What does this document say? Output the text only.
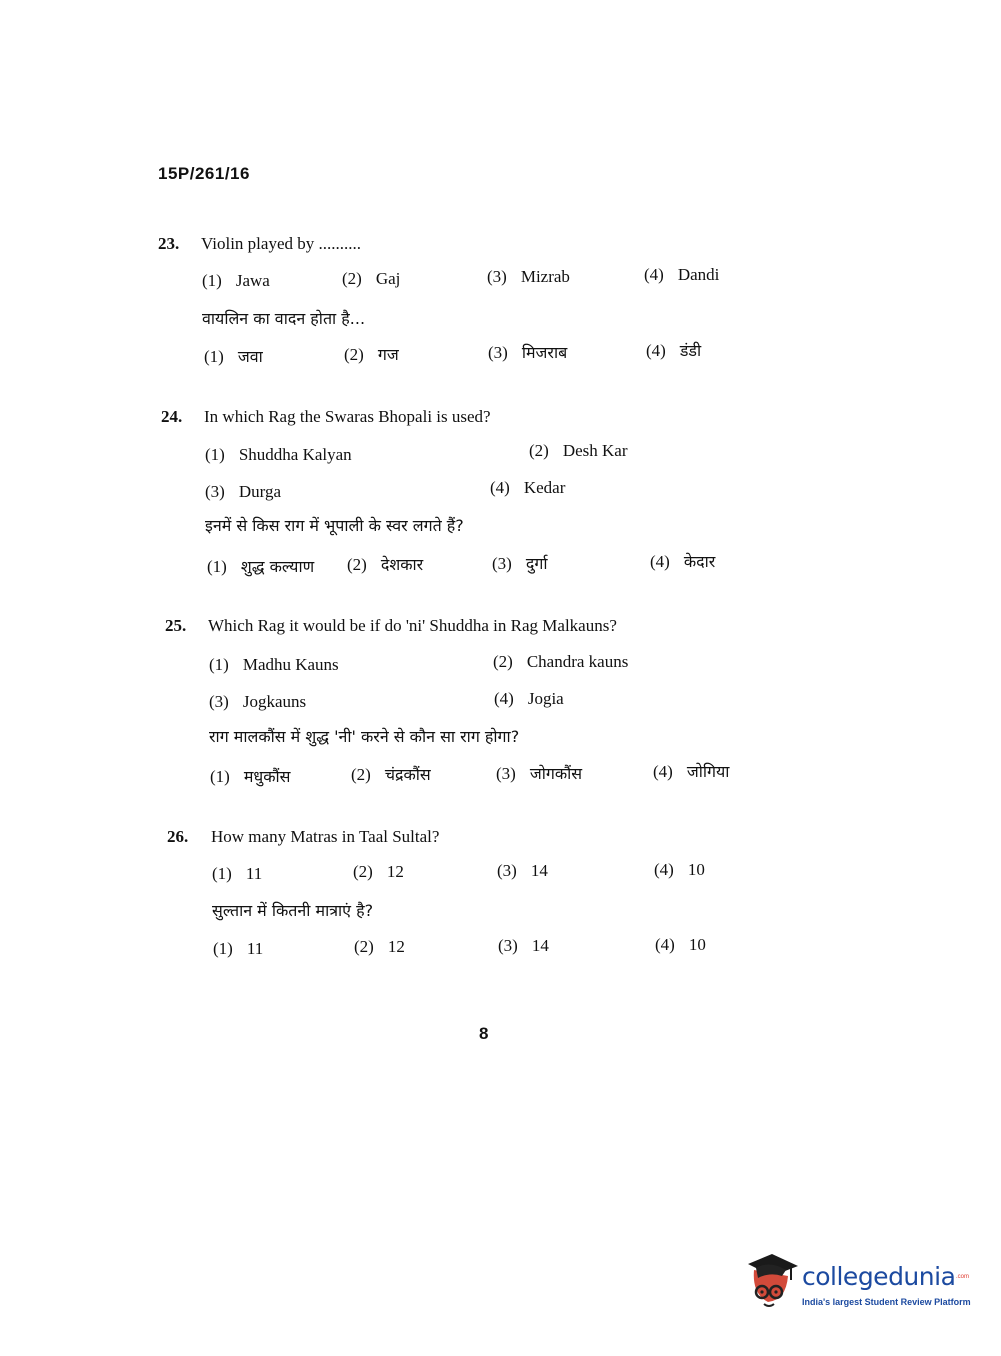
15P/261/16
23. Violin played by ..........
(1) Jawa	(2) Gaj	(3) Mizrab	(4) Dandi
वायलिन का वादन होता है...
(1) जवा	(2) गज	(3) मिजराब	(4) डंडी
24. In which Rag the Swaras Bhopali is used?
(1) Shuddha Kalyan	(2) Desh Kar
(3) Durga	(4) Kedar
इनमें से किस राग में भूपाली के स्वर लगते हैं?
(1) शुद्ध कल्याण (2) देशकार	(3) दुर्गा	(4) केदार
25. Which Rag it would be if do 'ni' Shuddha in Rag Malkauns?
(1) Madhu Kauns	(2) Chandra kauns
(3) Jogkauns	(4) Jogia
राग मालकौंस में शुद्ध 'नी' करने से कौन सा राग होगा?
(1) मधुकौंस	(2) चंद्रकौंस	(3) जोगकौंस	(4) जोगिया
26. How many Matras in Taal Sultal?
(1) 11	(2) 12	(3) 14	(4) 10
सुल्तान में कितनी मात्राएं है?
(1) 11	(2) 12	(3) 14	(4) 10
8
collegedunia .com
India's largest Student Review Platform
